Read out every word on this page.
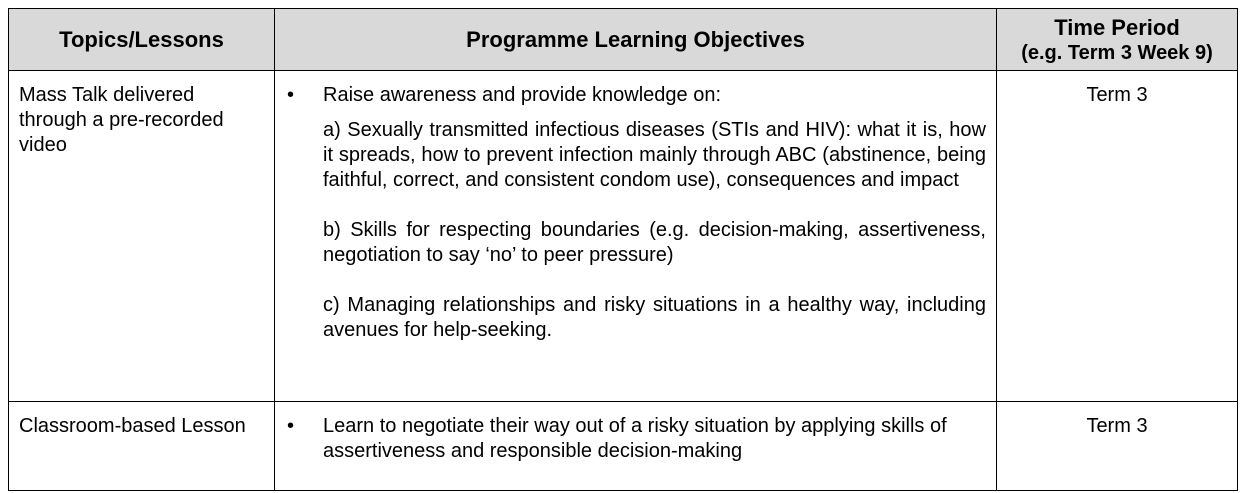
Topics/Lessons	Programme Learning Objectives	Time Period
(e.g. Term 3 Week 9)

Mass Talk delivered through a pre-recorded video	• Raise awareness and provide knowledge on:
a) Sexually transmitted infectious diseases (STIs and HIV): what it is, how it spreads, how to prevent infection mainly through ABC (abstinence, being faithful, correct, and consistent condom use), consequences and impact
b) Skills for respecting boundaries (e.g. decision-making, assertiveness, negotiation to say ‘no’ to peer pressure)
c) Managing relationships and risky situations in a healthy way, including avenues for help-seeking.	Term 3
Classroom-based Lesson	• Learn to negotiate their way out of a risky situation by applying skills of assertiveness and responsible decision-making	Term 3
